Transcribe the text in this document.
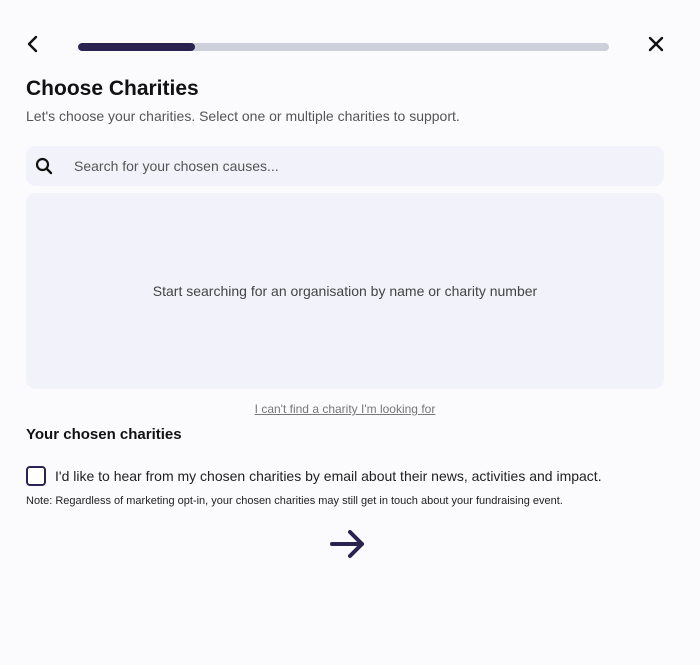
Choose Charities

Let's choose your charities. Select one or multiple charities to support.

Search for your chosen causes...
Start searching for an organisation by name or charity number
I can't find a charity I'm looking for
Your chosen charities
I'd like to hear from my chosen charities by email about their news, activities and impact.
Note: Regardless of marketing opt-in, your chosen charities may still get in touch about your fundraising event.
